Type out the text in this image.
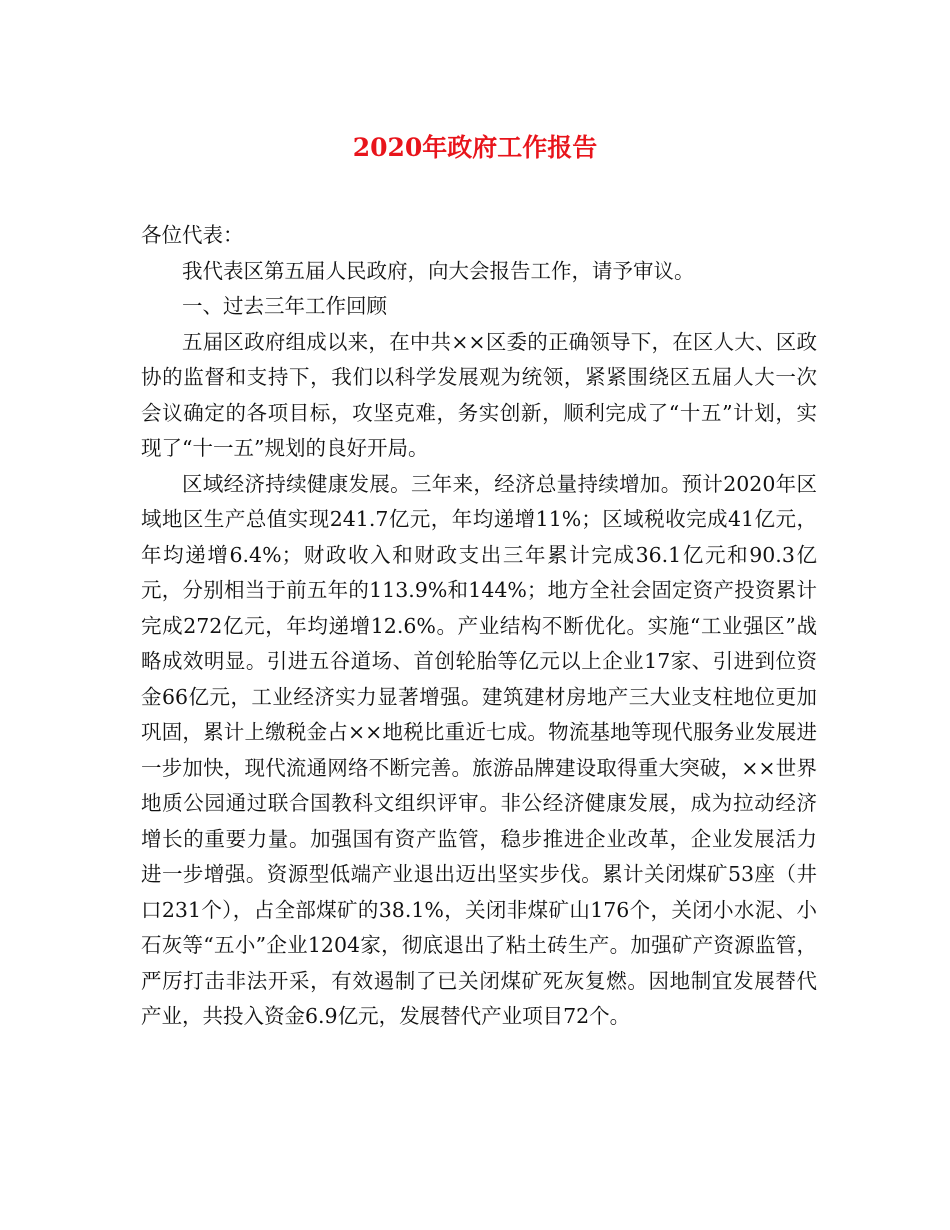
2020年政府工作报告

各位代表：

我代表区第五届人民政府，向大会报告工作，请予审议。

一、过去三年工作回顾

五届区政府组成以来，在中共××区委的正确领导下，在区人大、区政协的监督和支持下，我们以科学发展观为统领，紧紧围绕区五届人大一次会议确定的各项目标，攻坚克难，务实创新，顺利完成了“十五”计划，实现了“十一五”规划的良好开局。

区域经济持续健康发展。三年来，经济总量持续增加。预计2020年区域地区生产总值实现241.7亿元，年均递增11%；区域税收完成41亿元，年均递增6.4%；财政收入和财政支出三年累计完成36.1亿元和90.3亿元，分别相当于前五年的113.9%和144%；地方全社会固定资产投资累计完成272亿元，年均递增12.6%。产业结构不断优化。实施“工业强区”战略成效明显。引进五谷道场、首创轮胎等亿元以上企业17家、引进到位资金66亿元，工业经济实力显著增强。建筑建材房地产三大业支柱地位更加巩固，累计上缴税金占××地税比重近七成。物流基地等现代服务业发展进一步加快，现代流通网络不断完善。旅游品牌建设取得重大突破，××世界地质公园通过联合国教科文组织评审。非公经济健康发展，成为拉动经济增长的重要力量。加强国有资产监管，稳步推进企业改革，企业发展活力进一步增强。资源型低端产业退出迈出坚实步伐。累计关闭煤矿53座（井口231个），占全部煤矿的38.1%，关闭非煤矿山176个，关闭小水泥、小石灰等“五小”企业1204家，彻底退出了粘土砖生产。加强矿产资源监管，严厉打击非法开采，有效遏制了已关闭煤矿死灰复燃。因地制宜发展替代产业，共投入资金6.9亿元，发展替代产业项目72个。
